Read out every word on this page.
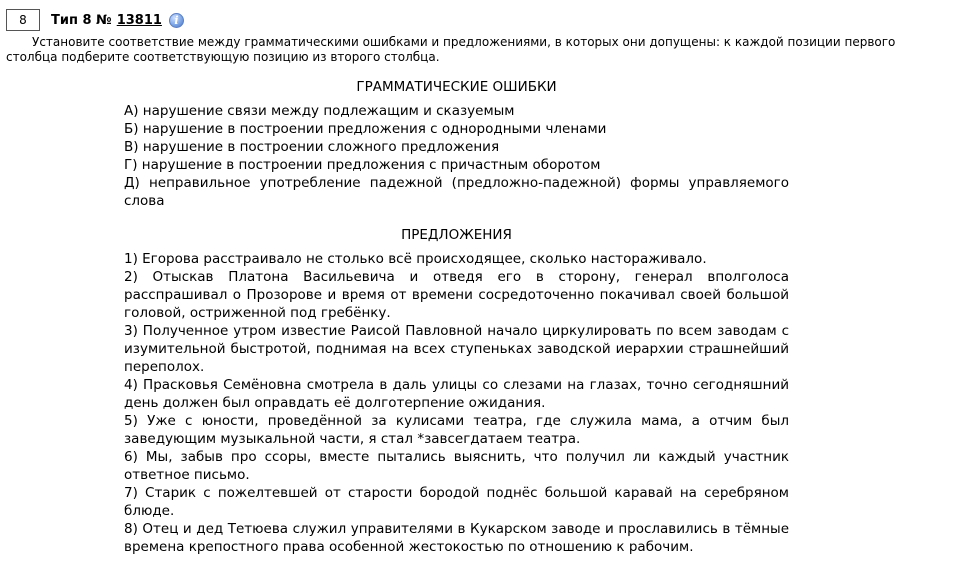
8 Тип 8 № 13811	i

Установите соответствие между грамматическими ошибками и предложениями, в которых они допущены: к каждой позиции первого столбца подберите соответствующую позицию из второго столбца.

ГРАММАТИЧЕСКИЕ ОШИБКИ
А) нарушение связи между подлежащим и сказуемым
Б) нарушение в построении предложения с однородными членами
В) нарушение в построении сложного предложения
Г) нарушение в построении предложения с причастным оборотом
Д) неправильное употребление падежной (предложно-падежной) формы управляемого слова
ПРЕДЛОЖЕНИЯ
1) Егорова расстраивало не столько всё происходящее, сколько настораживало.
2) Отыскав Платона Васильевича и отведя его в сторону, генерал вполголоса расспрашивал о Прозорове и время от времени сосредоточенно покачивал своей большой головой, остриженной под гребёнку.
3) Полученное утром известие Раисой Павловной начало циркулировать по всем заводам с изумительной быстротой, поднимая на всех ступеньках заводской иерархии страшнейший переполох.
4) Прасковья Семёновна смотрела в даль улицы со слезами на глазах, точно сегодняшний день должен был оправдать её долготерпение ожидания.
5) Уже с юности, проведённой за кулисами театра, где служила мама, а отчим был заведующим музыкальной части, я стал *завсегдатаем театра.
6) Мы, забыв про ссоры, вместе пытались выяснить, что получил ли каждый участник ответное письмо.
7) Старик с пожелтевшей от старости бородой поднёс большой каравай на серебряном блюде.
8) Отец и дед Тетюева служил управителями в Кукарском заводе и прославились в тёмные времена крепостного права особенной жестокостью по отношению к рабочим.
